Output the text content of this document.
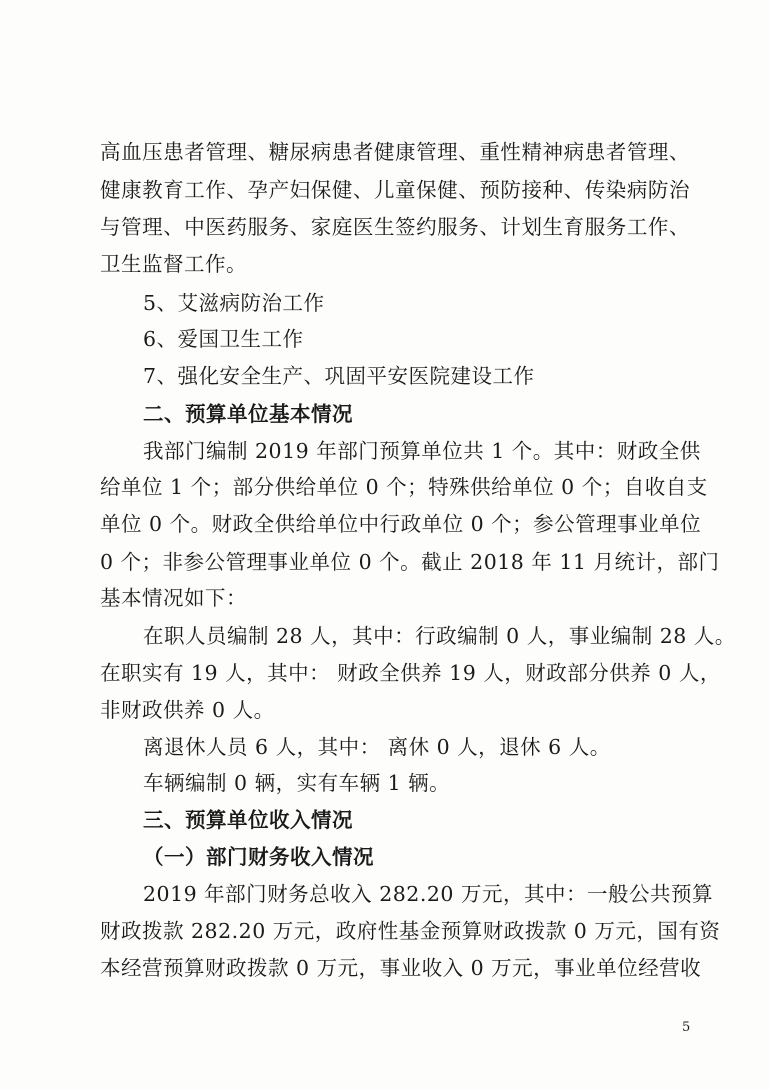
高血压患者管理、糖尿病患者健康管理、重性精神病患者管理、
健康教育工作、孕产妇保健、儿童保健、预防接种、传染病防治
与管理、中医药服务、家庭医生签约服务、计划生育服务工作、
卫生监督工作。
5、艾滋病防治工作
6、爱国卫生工作
7、强化安全生产、巩固平安医院建设工作
二、预算单位基本情况
我部门编制 2019 年部门预算单位共 1 个。其中：财政全供
给单位 1 个；部分供给单位 0 个；特殊供给单位 0 个；自收自支
单位 0 个。财政全供给单位中行政单位 0 个；参公管理事业单位
0 个；非参公管理事业单位 0 个。截止 2018 年 11 月统计，部门
基本情况如下：
在职人员编制 28 人，其中：行政编制 0 人，事业编制 28 人。
在职实有 19 人，其中： 财政全供养 19 人，财政部分供养 0 人，
非财政供养 0 人。
离退休人员 6 人，其中： 离休 0 人，退休 6 人。
车辆编制 0 辆，实有车辆 1 辆。
三、预算单位收入情况
（一）部门财务收入情况
2019 年部门财务总收入 282.20 万元，其中：一般公共预算
财政拨款 282.20 万元，政府性基金预算财政拨款 0 万元，国有资
本经营预算财政拨款 0 万元，事业收入 0 万元，事业单位经营收
5
